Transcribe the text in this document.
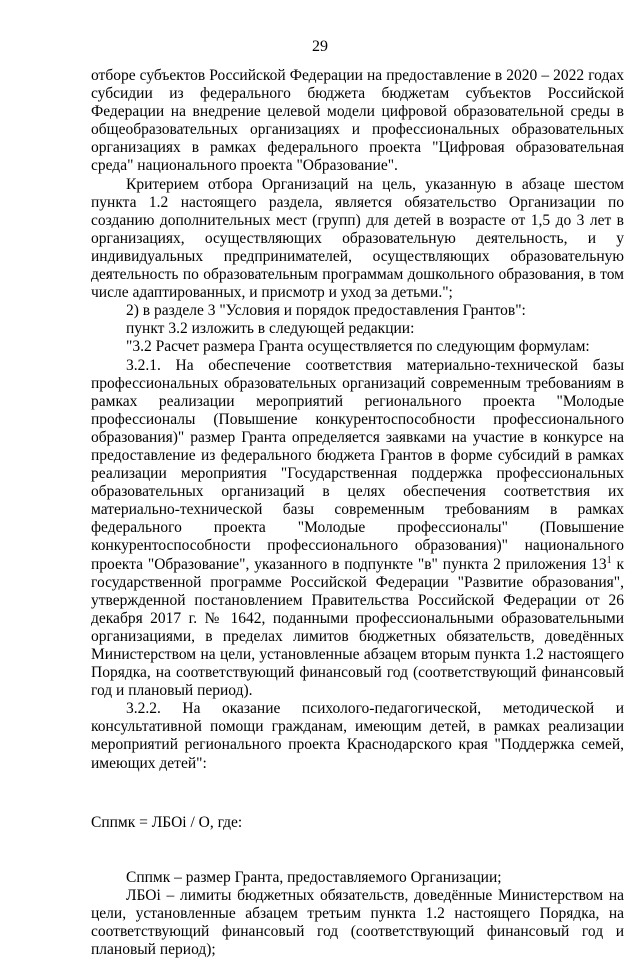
29

отборе субъектов Российской Федерации на предоставление в 2020 – 2022 годах субсидии из федерального бюджета бюджетам субъектов Российской Федерации на внедрение целевой модели цифровой образовательной среды в общеобразовательных организациях и профессиональных образовательных организациях в рамках федерального проекта "Цифровая образовательная среда" национального проекта "Образование".

Критерием отбора Организаций на цель, указанную в абзаце шестом пункта 1.2 настоящего раздела, является обязательство Организации по созданию дополнительных мест (групп) для детей в возрасте от 1,5 до 3 лет в организациях, осуществляющих образовательную деятельность, и у индивидуальных предпринимателей, осуществляющих образовательную деятельность по образовательным программам дошкольного образования, в том числе адаптированных, и присмотр и уход за детьми.";

2) в разделе 3 "Условия и порядок предоставления Грантов":

пункт 3.2 изложить в следующей редакции:

"3.2 Расчет размера Гранта осуществляется по следующим формулам:

3.2.1. На обеспечение соответствия материально-технической базы профессиональных образовательных организаций современным требованиям в рамках реализации мероприятий регионального проекта "Молодые профессионалы (Повышение конкурентоспособности профессионального образования)" размер Гранта определяется заявками на участие в конкурсе на предоставление из федерального бюджета Грантов в форме субсидий в рамках реализации мероприятия "Государственная поддержка профессиональных образовательных организаций в целях обеспечения соответствия их материально-технической базы современным требованиям в рамках федерального проекта "Молодые профессионалы" (Повышение конкурентоспособности профессионального образования)" национального проекта "Образование", указанного в подпункте "в" пункта 2 приложения $13^1$ к государственной программе Российской Федерации "Развитие образования", утвержденной постановлением Правительства Российской Федерации от 26 декабря 2017 г. № 1642, поданными профессиональными образовательными организациями, в пределах лимитов бюджетных обязательств, доведённых Министерством на цели, установленные абзацем вторым пункта 1.2 настоящего Порядка, на соответствующий финансовый год (соответствующий финансовый год и плановый период).

3.2.2. На оказание психолого-педагогической, методической и консультативной помощи гражданам, имеющим детей, в рамках реализации мероприятий регионального проекта Краснодарского края "Поддержка семей, имеющих детей":

Сппмк = ЛБОi / О, где:

Сппмк – размер Гранта, предоставляемого Организации;

ЛБОi – лимиты бюджетных обязательств, доведённые Министерством на цели, установленные абзацем третьим пункта 1.2 настоящего Порядка, на соответствующий финансовый год (соответствующий финансовый год и плановый период);
